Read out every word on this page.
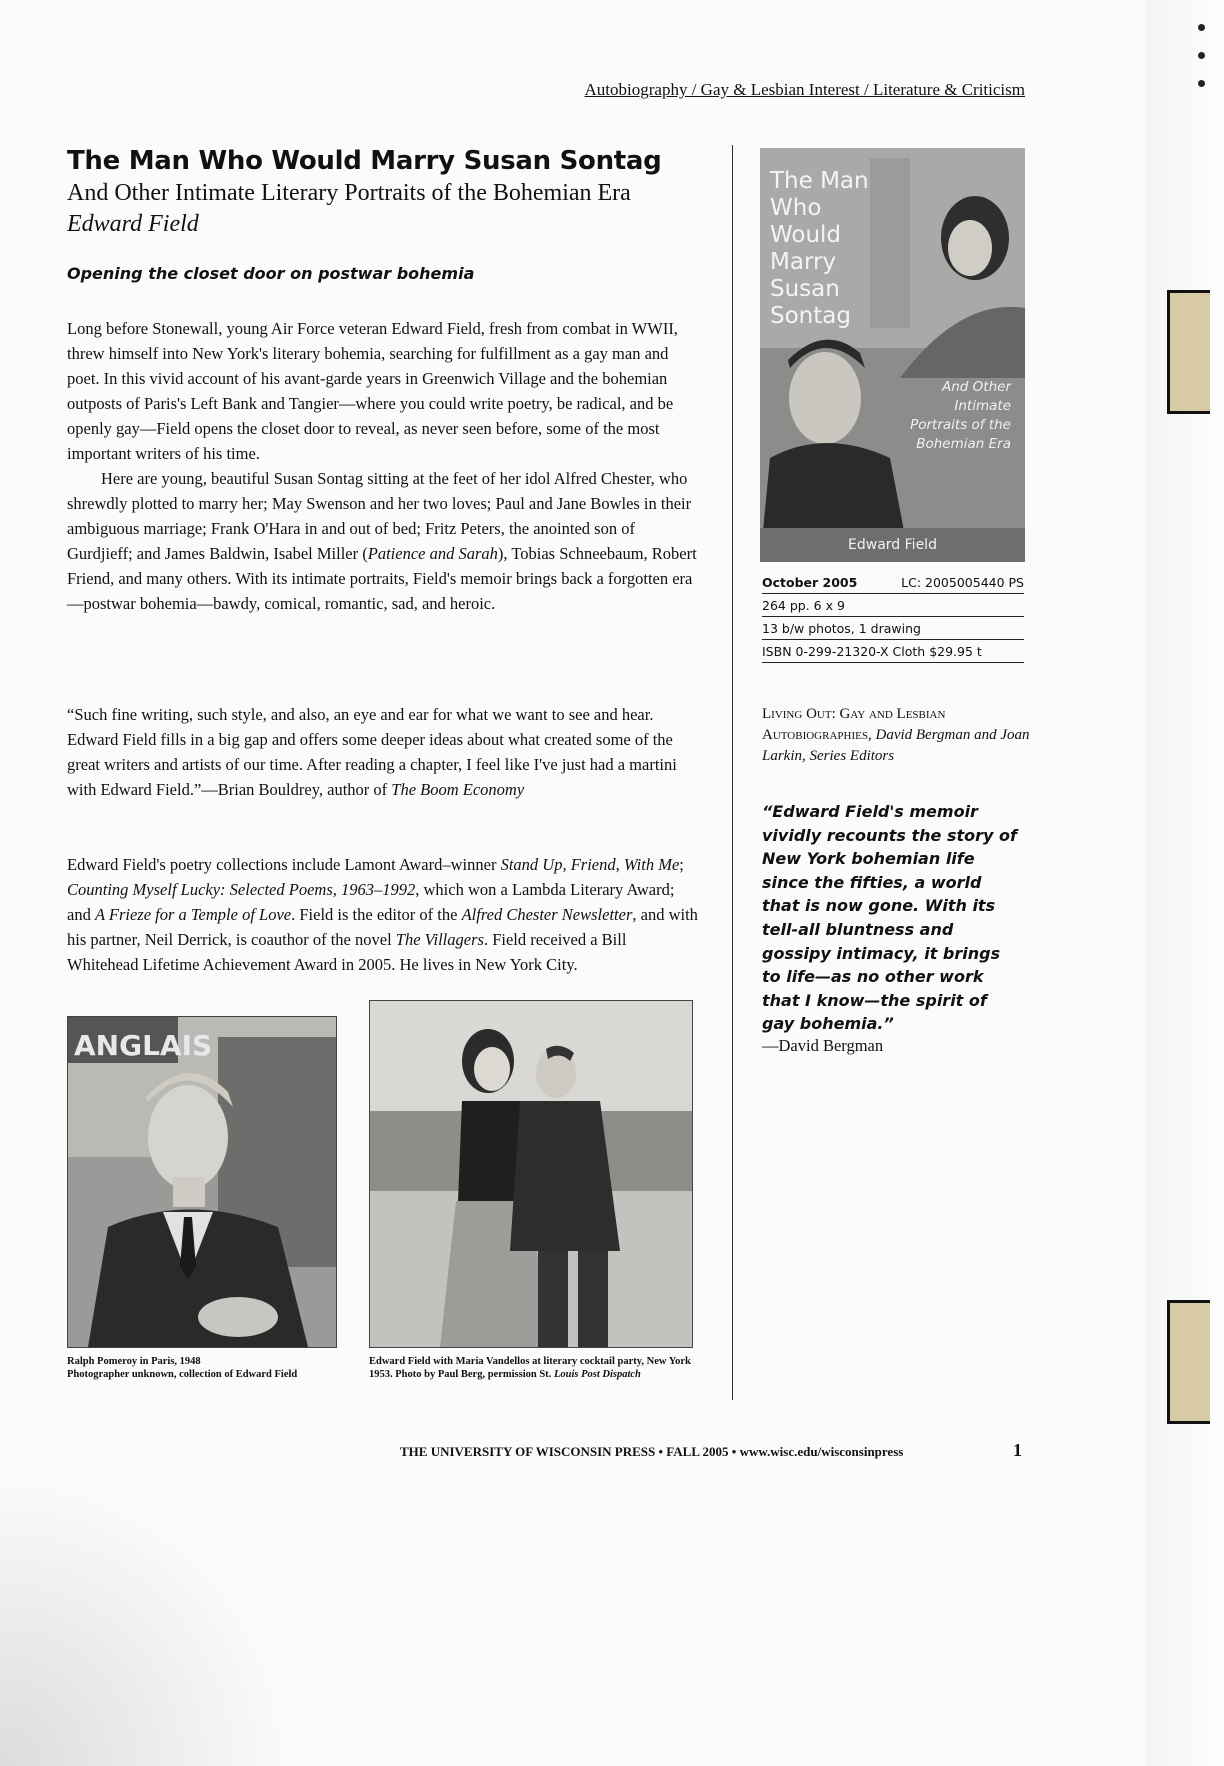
Autobiography / Gay & Lesbian Interest / Literature & Criticism
The Man Who Would Marry Susan Sontag
And Other Intimate Literary Portraits of the Bohemian Era
Edward Field
Opening the closet door on postwar bohemia

Long before Stonewall, young Air Force veteran Edward Field, fresh from combat in WWII, threw himself into New York's literary bohemia, searching for fulfillment as a gay man and poet. In this vivid account of his avant-garde years in Greenwich Village and the bohemian outposts of Paris's Left Bank and Tangier—where you could write poetry, be radical, and be openly gay—Field opens the closet door to reveal, as never seen before, some of the most important writers of his time.

Here are young, beautiful Susan Sontag sitting at the feet of her idol Alfred Chester, who shrewdly plotted to marry her; May Swenson and her two loves; Paul and Jane Bowles in their ambiguous marriage; Frank O'Hara in and out of bed; Fritz Peters, the anointed son of Gurdjieff; and James Baldwin, Isabel Miller (Patience and Sarah), Tobias Schneebaum, Robert Friend, and many others. With its intimate portraits, Field's memoir brings back a forgotten era—postwar bohemia—bawdy, comical, romantic, sad, and heroic.

“Such fine writing, such style, and also, an eye and ear for what we want to see and hear. Edward Field fills in a big gap and offers some deeper ideas about what created some of the great writers and artists of our time. After reading a chapter, I feel like I've just had a martini with Edward Field.”—Brian Bouldrey, author of The Boom Economy

Edward Field's poetry collections include Lamont Award–winner Stand Up, Friend, With Me; Counting Myself Lucky: Selected Poems, 1963–1992, which won a Lambda Literary Award; and A Frieze for a Temple of Love. Field is the editor of the Alfred Chester Newsletter, and with his partner, Neil Derrick, is coauthor of the novel The Villagers. Field received a Bill Whitehead Lifetime Achievement Award in 2005. He lives in New York City.

ANGLAIS
Ralph Pomeroy in Paris, 1948
Photographer unknown, collection of Edward Field
Edward Field with Maria Vandellos at literary cocktail party, New York 1953. Photo by Paul Berg, permission St. Louis Post Dispatch
The Man Who Would Marry Susan Sontag
And Other Intimate Portraits of the Bohemian Era
Edward Field
October 2005	LC: 2005005440 PS
264 pp. 6 x 9
13 b/w photos, 1 drawing
ISBN 0-299-21320-X Cloth $29.95 t
Living Out: Gay and Lesbian Autobiographies, David Bergman and Joan Larkin, Series Editors
“Edward Field's memoir vividly recounts the story of New York bohemian life since the fifties, a world that is now gone. With its tell-all bluntness and gossipy intimacy, it brings to life—as no other work that I know—the spirit of gay bohemia.”
—David Bergman
THE UNIVERSITY OF WISCONSIN PRESS • FALL 2005 • www.wisc.edu/wisconsinpress	1
